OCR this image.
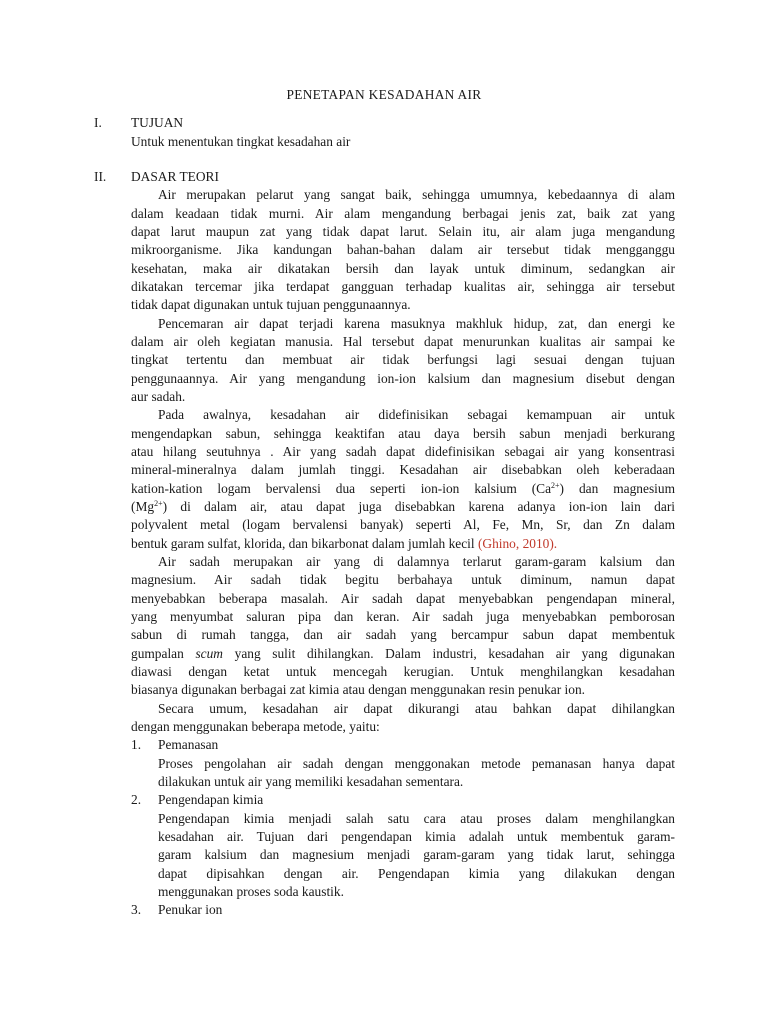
PENETAPAN KESADAHAN AIR
I. TUJUAN
Untuk menentukan tingkat kesadahan air
II. DASAR TEORI
Air merupakan pelarut yang sangat baik, sehingga umumnya, kebedaannya di alam
dalam keadaan tidak murni. Air alam mengandung berbagai jenis zat, baik zat yang
dapat larut maupun zat yang tidak dapat larut. Selain itu, air alam juga mengandung
mikroorganisme. Jika kandungan bahan-bahan dalam air tersebut tidak mengganggu
kesehatan, maka air dikatakan bersih dan layak untuk diminum, sedangkan air
dikatakan tercemar jika terdapat gangguan terhadap kualitas air, sehingga air tersebut
tidak dapat digunakan untuk tujuan penggunaannya.
Pencemaran air dapat terjadi karena masuknya makhluk hidup, zat, dan energi ke
dalam air oleh kegiatan manusia. Hal tersebut dapat menurunkan kualitas air sampai ke
tingkat tertentu dan membuat air tidak berfungsi lagi sesuai dengan tujuan
penggunaannya. Air yang mengandung ion-ion kalsium dan magnesium disebut dengan
aur sadah.
Pada awalnya, kesadahan air didefinisikan sebagai kemampuan air untuk
mengendapkan sabun, sehingga keaktifan atau daya bersih sabun menjadi berkurang
atau hilang seutuhnya . Air yang sadah dapat didefinisikan sebagai air yang konsentrasi
mineral-mineralnya dalam jumlah tinggi. Kesadahan air disebabkan oleh keberadaan
kation-kation logam bervalensi dua seperti ion-ion kalsium $(Ca^{2+})$ dan magnesium
$(Mg^{2+})$ di dalam air, atau dapat juga disebabkan karena adanya ion-ion lain dari
polyvalent metal (logam bervalensi banyak) seperti Al, Fe, Mn, Sr, dan Zn dalam
bentuk garam sulfat, klorida, dan bikarbonat dalam jumlah kecil (Ghino, 2010).
Air sadah merupakan air yang di dalamnya terlarut garam-garam kalsium dan
magnesium. Air sadah tidak begitu berbahaya untuk diminum, namun dapat
menyebabkan beberapa masalah. Air sadah dapat menyebabkan pengendapan mineral,
yang menyumbat saluran pipa dan keran. Air sadah juga menyebabkan pemborosan
sabun di rumah tangga, dan air sadah yang bercampur sabun dapat membentuk
gumpalan scum yang sulit dihilangkan. Dalam industri, kesadahan air yang digunakan
diawasi dengan ketat untuk mencegah kerugian. Untuk menghilangkan kesadahan
biasanya digunakan berbagai zat kimia atau dengan menggunakan resin penukar ion.
Secara umum, kesadahan air dapat dikurangi atau bahkan dapat dihilangkan
dengan menggunakan beberapa metode, yaitu:
1. Pemanasan
Proses pengolahan air sadah dengan menggonakan metode pemanasan hanya dapat
dilakukan untuk air yang memiliki kesadahan sementara.
2. Pengendapan kimia
Pengendapan kimia menjadi salah satu cara atau proses dalam menghilangkan
kesadahan air. Tujuan dari pengendapan kimia adalah untuk membentuk garam-
garam kalsium dan magnesium menjadi garam-garam yang tidak larut, sehingga
dapat dipisahkan dengan air. Pengendapan kimia yang dilakukan dengan
menggunakan proses soda kaustik.
3. Penukar ion
